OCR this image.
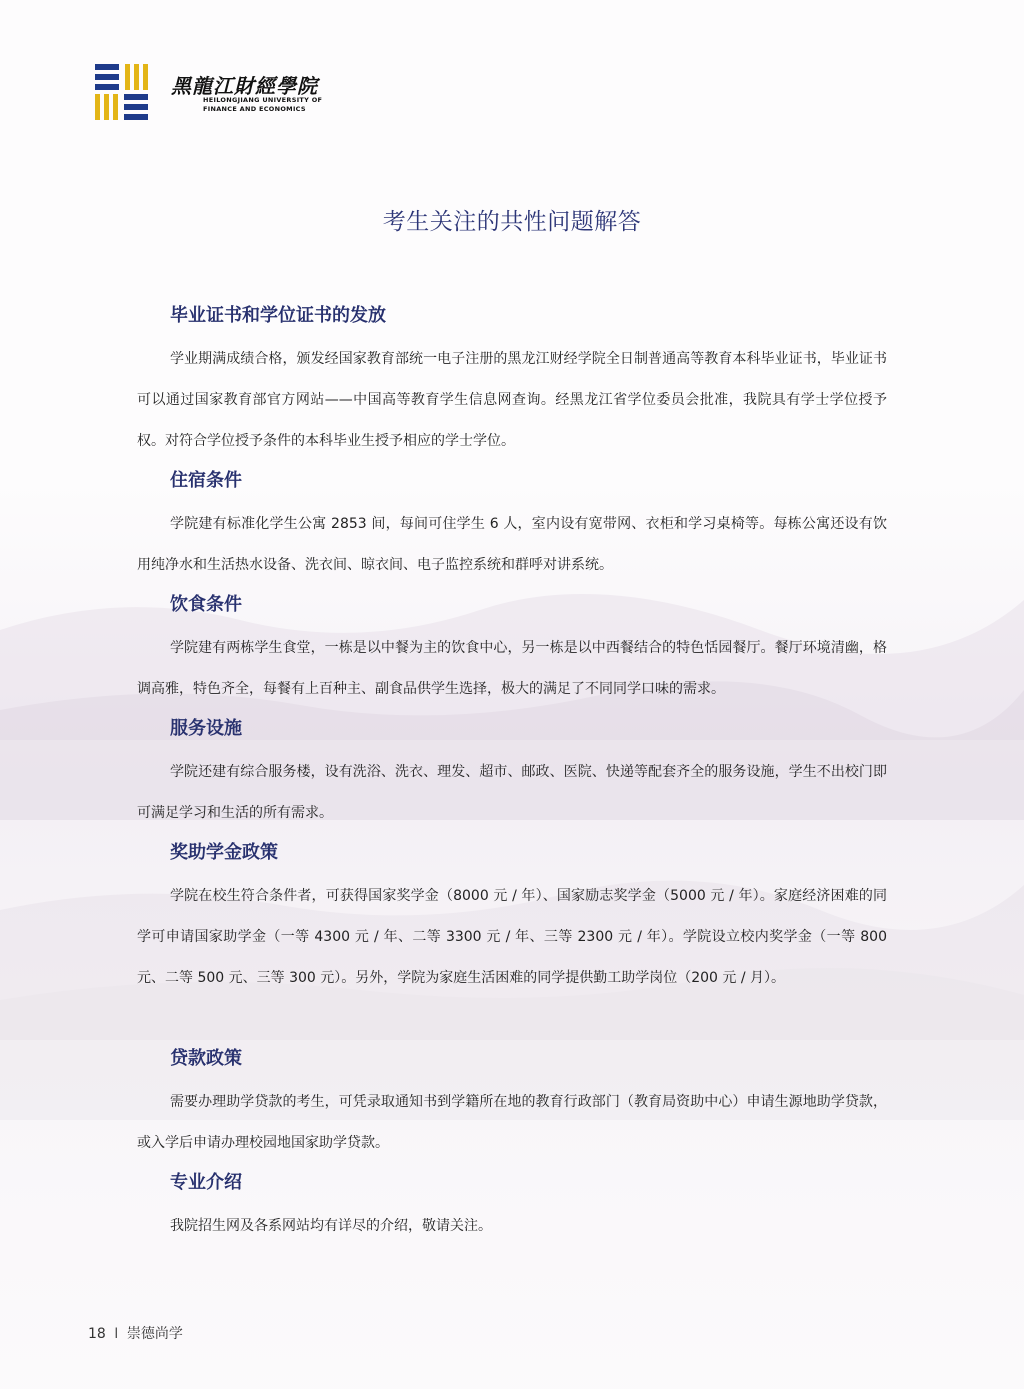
黑龍江財經學院
HEILONGJIANG UNIVERSITY OF
FINANCE AND ECONOMICS
考生关注的共性问题解答
毕业证书和学位证书的发放

学业期满成绩合格，颁发经国家教育部统一电子注册的黑龙江财经学院全日制普通高等教育本科毕业证书，毕业证书可以通过国家教育部官方网站——中国高等教育学生信息网查询。经黑龙江省学位委员会批准，我院具有学士学位授予权。对符合学位授予条件的本科毕业生授予相应的学士学位。

住宿条件

学院建有标准化学生公寓 2853 间，每间可住学生 6 人，室内设有宽带网、衣柜和学习桌椅等。每栋公寓还设有饮用纯净水和生活热水设备、洗衣间、晾衣间、电子监控系统和群呼对讲系统。

饮食条件

学院建有两栋学生食堂，一栋是以中餐为主的饮食中心，另一栋是以中西餐结合的特色恬园餐厅。餐厅环境清幽，格调高雅，特色齐全，每餐有上百种主、副食品供学生选择，极大的满足了不同同学口味的需求。

服务设施

学院还建有综合服务楼，设有洗浴、洗衣、理发、超市、邮政、医院、快递等配套齐全的服务设施，学生不出校门即可满足学习和生活的所有需求。

奖助学金政策

学院在校生符合条件者，可获得国家奖学金（8000 元 / 年）、国家励志奖学金（5000 元 / 年）。家庭经济困难的同学可申请国家助学金（一等 4300 元 / 年、二等 3300 元 / 年、三等 2300 元 / 年）。学院设立校内奖学金（一等 800 元、二等 500 元、三等 300 元）。另外，学院为家庭生活困难的同学提供勤工助学岗位（200 元 / 月）。

贷款政策

需要办理助学贷款的考生，可凭录取通知书到学籍所在地的教育行政部门（教育局资助中心）申请生源地助学贷款，或入学后申请办理校园地国家助学贷款。

专业介绍

我院招生网及各系网站均有详尽的介绍，敬请关注。

18 I 崇德尚学
